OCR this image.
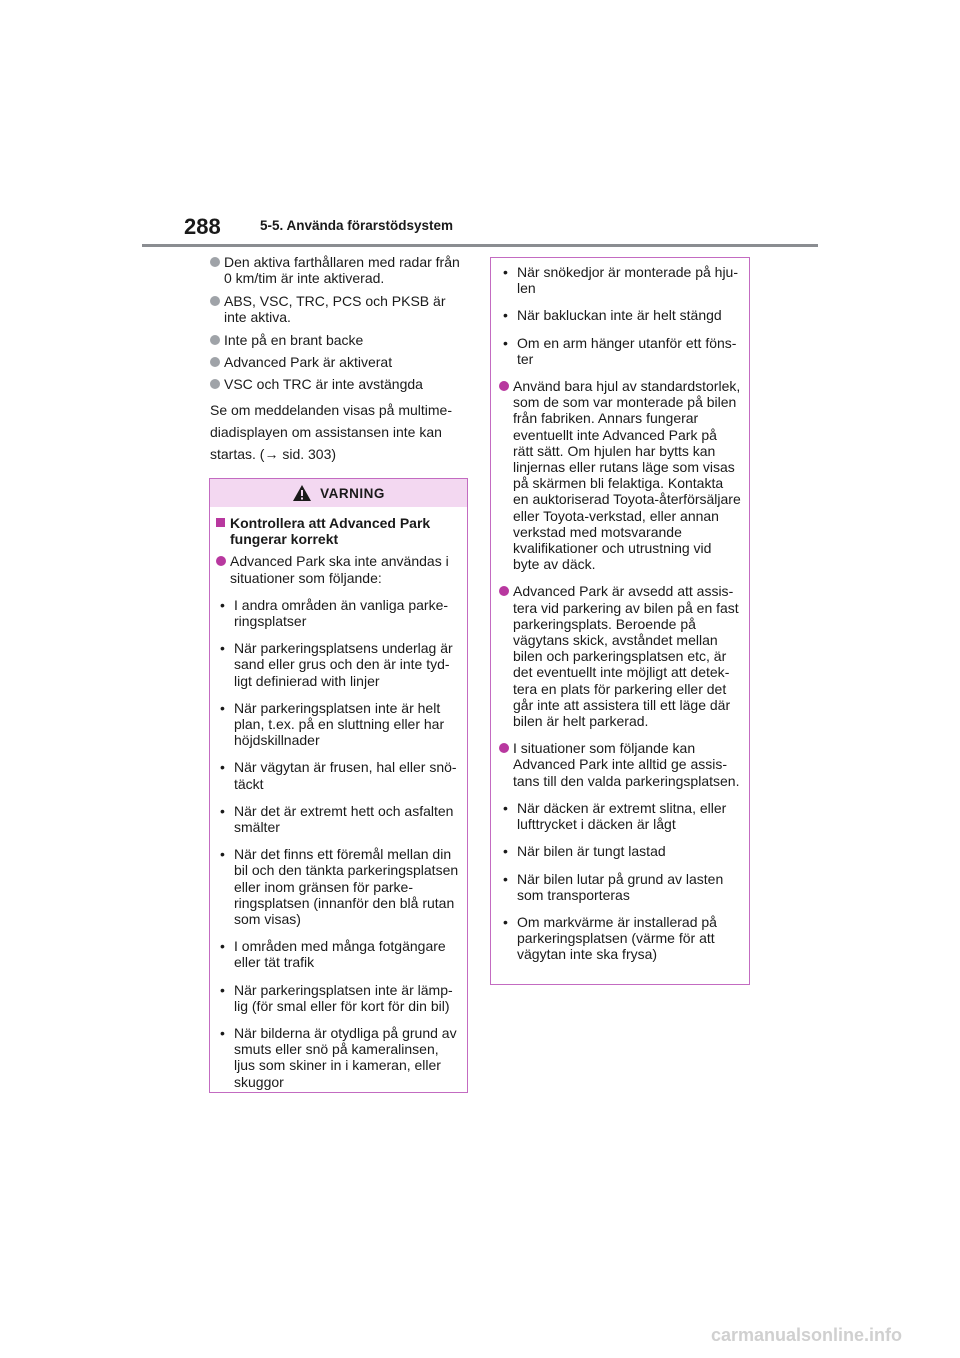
288	5-5. Använda förarstödsystem
Den aktiva farthållaren med radar från 0 km/tim är inte aktiverad.
ABS, VSC, TRC, PCS och PKSB är inte aktiva.
Inte på en brant backe
Advanced Park är aktiverat
VSC och TRC är inte avstängda
Se om meddelanden visas på multimediadisplayen om assistansen inte kan startas. (→ sid. 303)
VARNING
Kontrollera att Advanced Park fungerar korrekt
Advanced Park ska inte användas i situationer som följande:
• I andra områden än vanliga parkeringsplatser
• När parkeringsplatsens underlag är sand eller grus och den är inte tydligt definierad with linjer
• När parkeringsplatsen inte är helt plan, t.ex. på en sluttning eller har höjdskillnader
• När vägytan är frusen, hal eller snötäckt
• När det är extremt hett och asfalten smälter
• När det finns ett föremål mellan din bil och den tänkta parkeringsplatsen eller inom gränsen för parkeringsplatsen (innanför den blå rutan som visas)
• I områden med många fotgängare eller tät trafik
• När parkeringsplatsen inte är lämplig (för smal eller för kort för din bil)
• När bilderna är otydliga på grund av smuts eller snö på kameralinsen, ljus som skiner in i kameran, eller skuggor
• När snökedjor är monterade på hjulen
• När bakluckan inte är helt stängd
• Om en arm hänger utanför ett fönster
Använd bara hjul av standardstorlek, som de som var monterade på bilen från fabriken. Annars fungerar eventuellt inte Advanced Park på rätt sätt. Om hjulen har bytts kan linjernas eller rutans läge som visas på skärmen bli felaktiga. Kontakta en auktoriserad Toyota-återförsäljare eller Toyota-verkstad, eller annan verkstad med motsvarande kvalifikationer och utrustning vid byte av däck.
Advanced Park är avsedd att assistera vid parkering av bilen på en fast parkeringsplats. Beroende på vägytans skick, avståndet mellan bilen och parkeringsplatsen etc, är det eventuellt inte möjligt att detektera en plats för parkering eller det går inte att assistera till ett läge där bilen är helt parkerad.
I situationer som följande kan Advanced Park inte alltid ge assistans till den valda parkeringsplatsen.
• När däcken är extremt slitna, eller lufttrycket i däcken är lågt
• När bilen är tungt lastad
• När bilen lutar på grund av lasten som transporteras
• Om markvärme är installerad på parkeringsplatsen (värme för att vägytan inte ska frysa)
carmanualsonline.info
